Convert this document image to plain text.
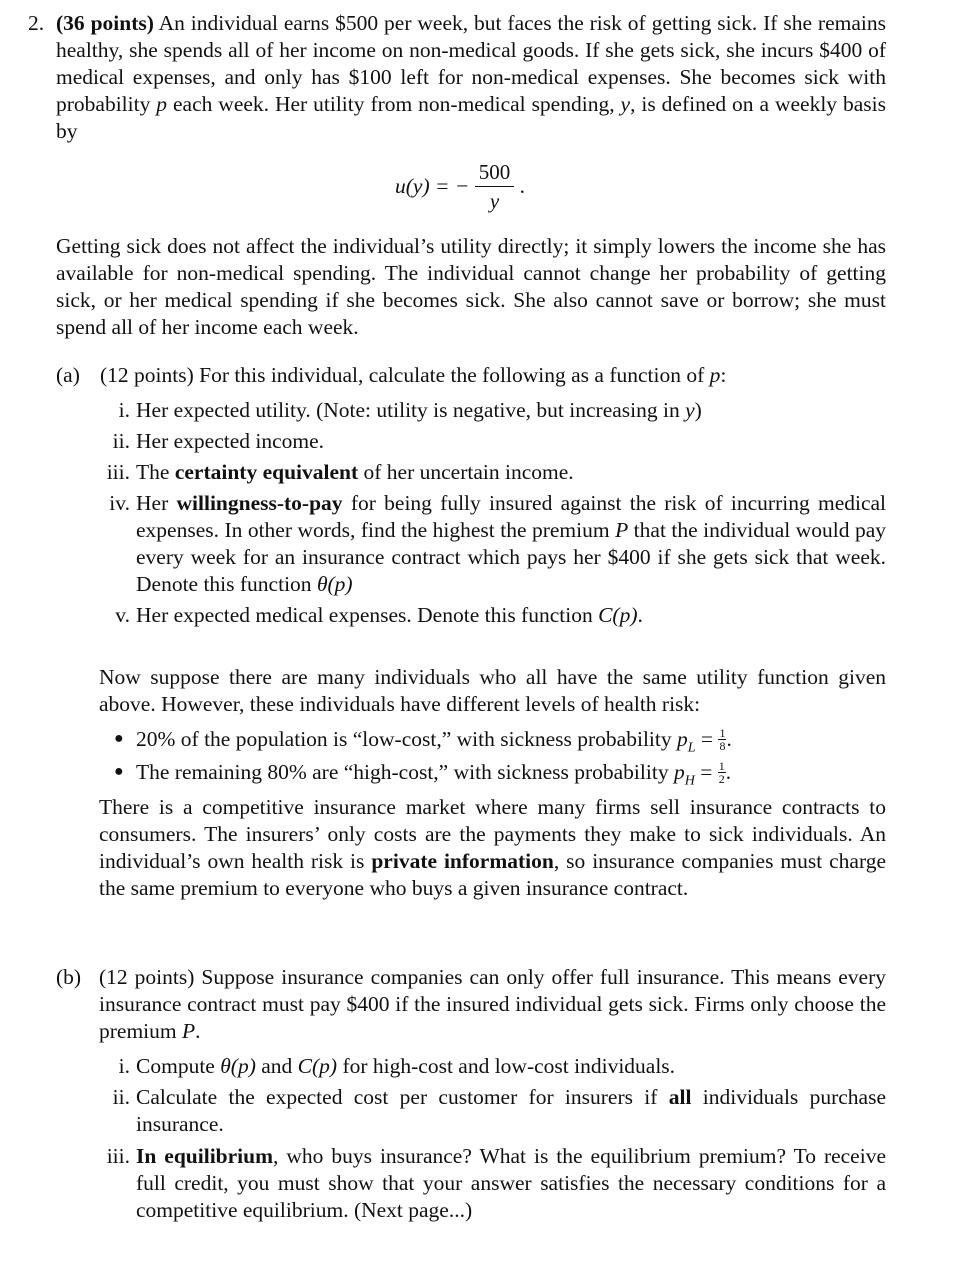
2. (36 points) An individual earns $500 per week, but faces the risk of getting sick. If she remains healthy, she spends all of her income on non-medical goods. If she gets sick, she incurs $400 of medical expenses, and only has $100 left for non-medical expenses. She becomes sick with probability p each week. Her utility from non-medical spending, y, is defined on a weekly basis by

u(y) = − $\frac{500}{y}$ .

Getting sick does not affect the individual’s utility directly; it simply lowers the income she has available for non-medical spending. The individual cannot change her probability of getting sick, or her medical spending if she becomes sick. She also cannot save or borrow; she must spend all of her income each week.

(a) (12 points) For this individual, calculate the following as a function of p:

i. Her expected utility. (Note: utility is negative, but increasing in y)

ii. Her expected income.

iii. The certainty equivalent of her uncertain income.

iv. Her willingness-to-pay for being fully insured against the risk of incurring medical expenses. In other words, find the highest the premium P that the individual would pay every week for an insurance contract which pays her $400 if she gets sick that week. Denote this function θ(p)

v. Her expected medical expenses. Denote this function C(p).

Now suppose there are many individuals who all have the same utility function given above. However, these individuals have different levels of health risk:

● 20% of the population is “low-cost,” with sickness probability $p_L = \frac{1}{8}$ .

● The remaining 80% are “high-cost,” with sickness probability $p_H = \frac{1}{2}$ .

There is a competitive insurance market where many firms sell insurance contracts to consumers. The insurers’ only costs are the payments they make to sick individuals. An individual’s own health risk is private information, so insurance companies must charge the same premium to everyone who buys a given insurance contract.

(b) (12 points) Suppose insurance companies can only offer full insurance. This means every insurance contract must pay $400 if the insured individual gets sick. Firms only choose the premium P.

i. Compute θ(p) and C(p) for high-cost and low-cost individuals.

ii. Calculate the expected cost per customer for insurers if all individuals purchase insurance.

iii. In equilibrium, who buys insurance? What is the equilibrium premium? To receive full credit, you must show that your answer satisfies the necessary conditions for a competitive equilibrium. (Next page...)
